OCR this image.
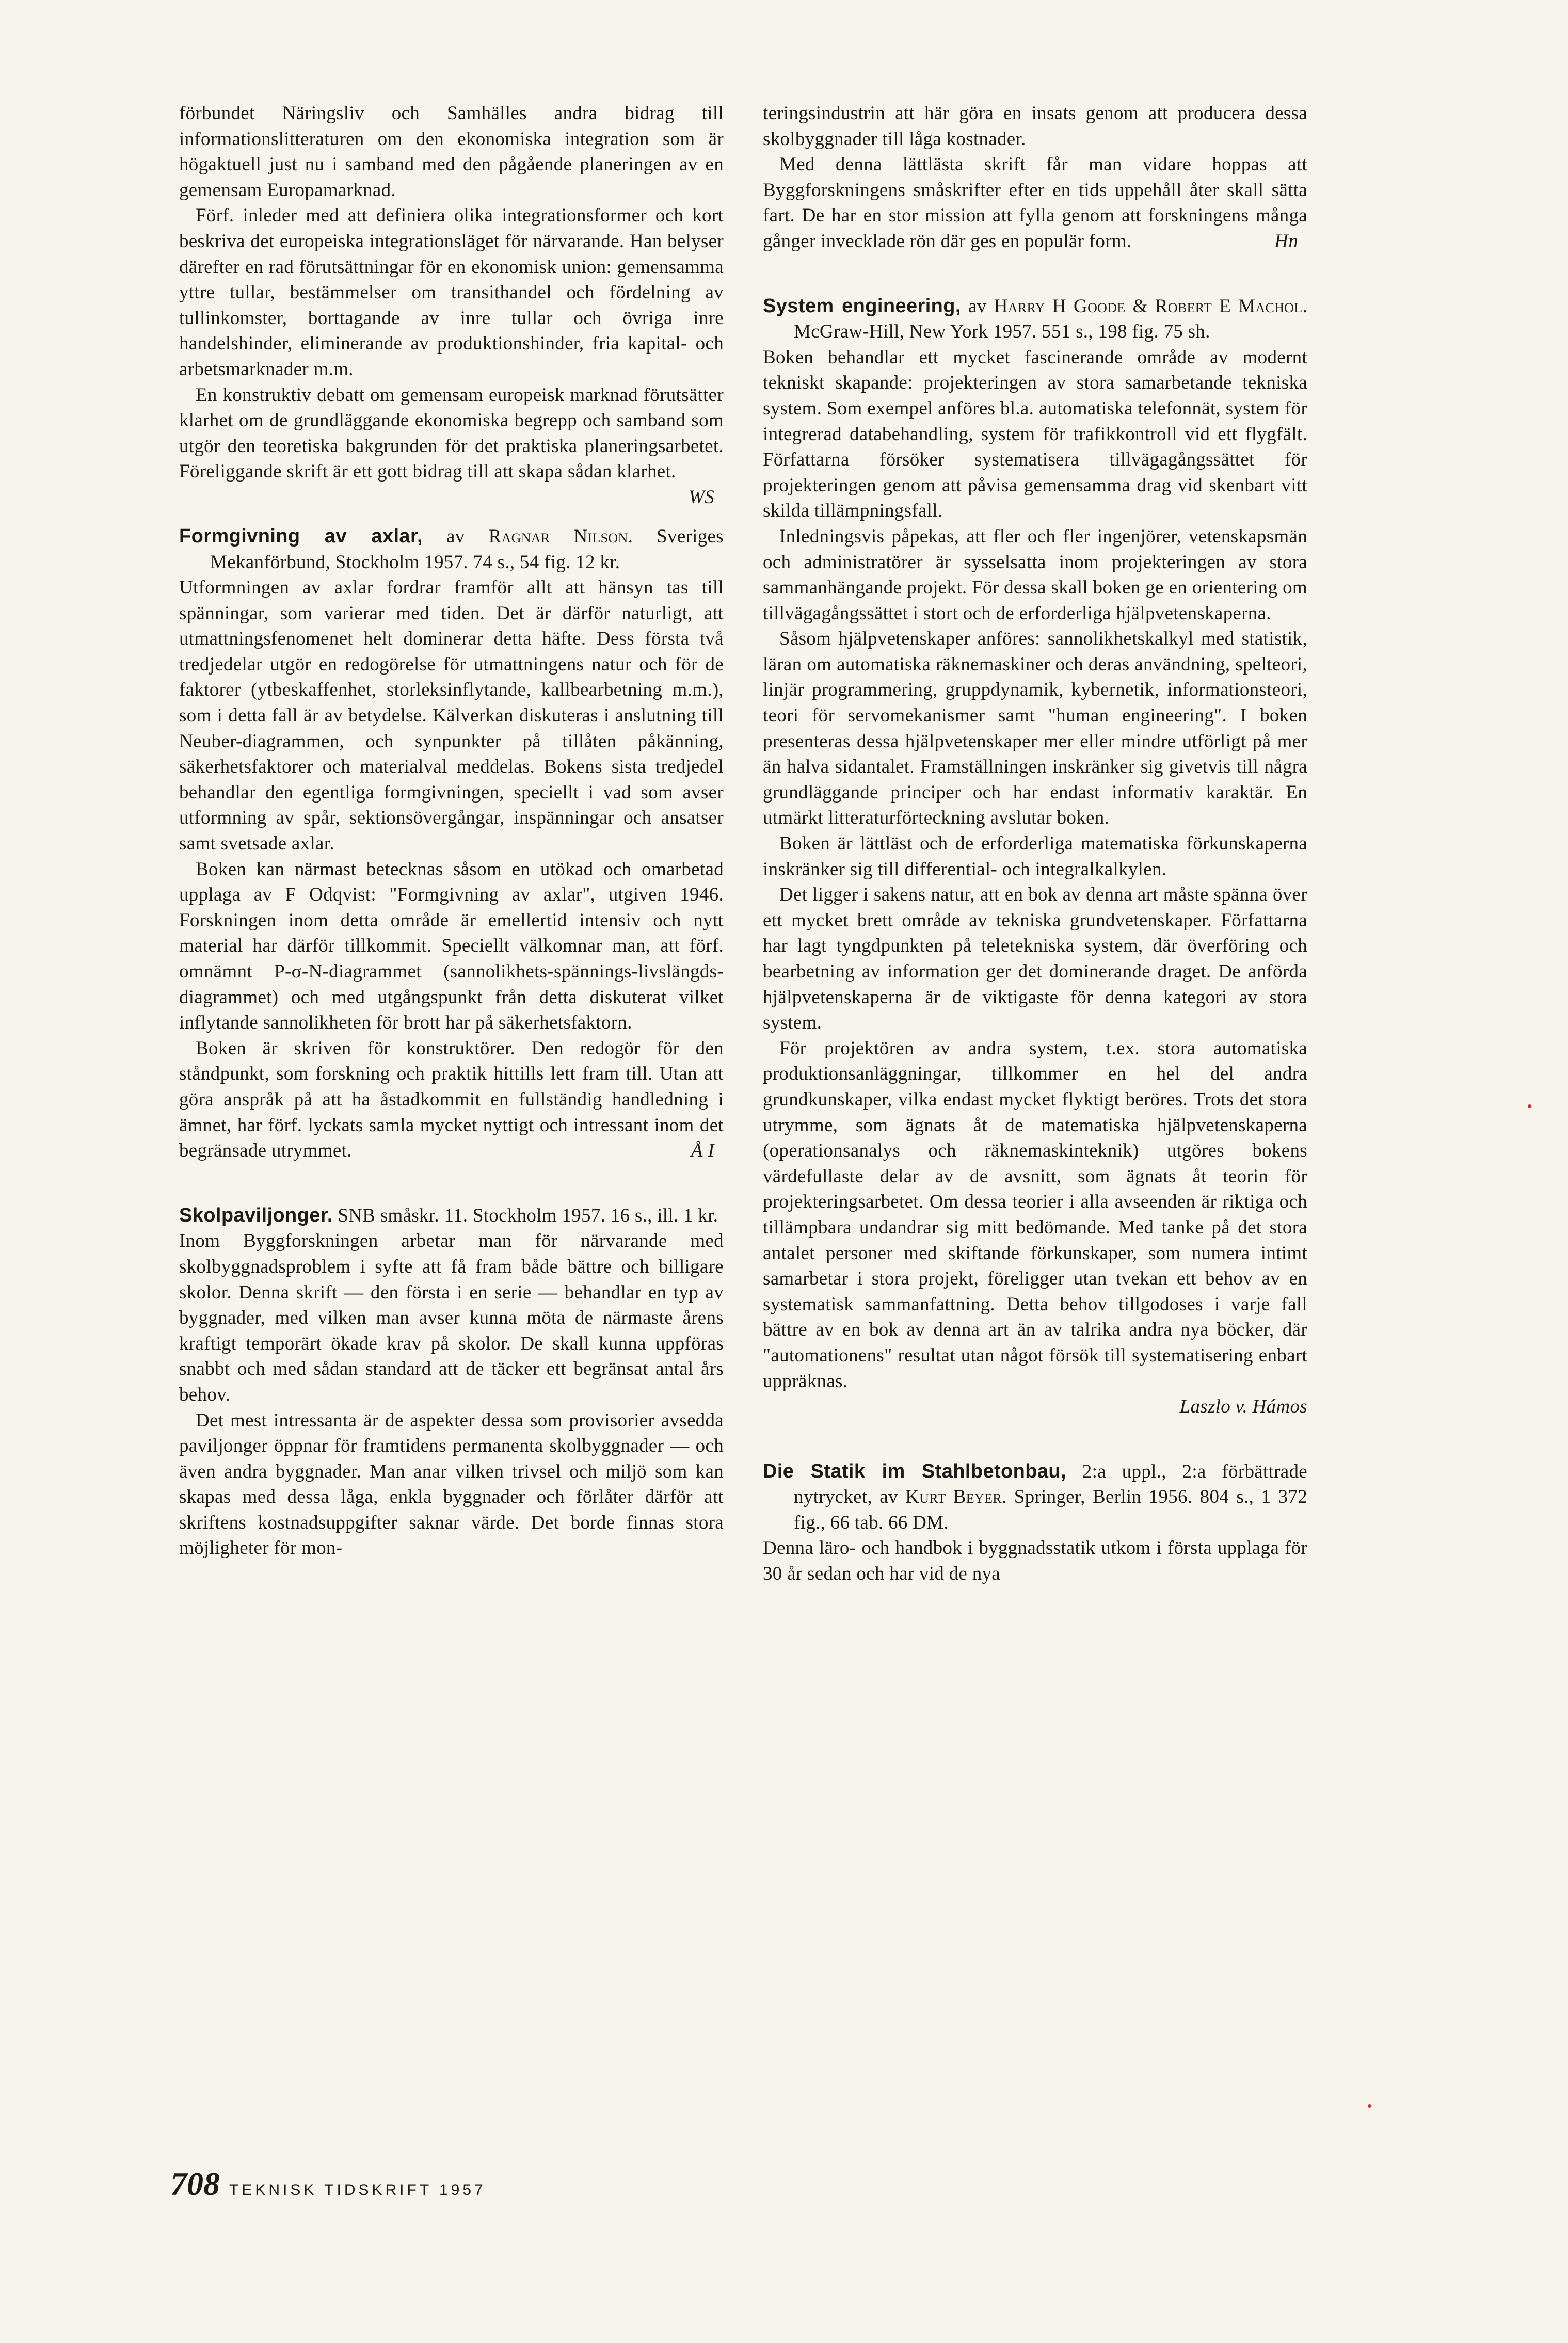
förbundet Näringsliv och Samhälles andra bidrag till informationslitteraturen om den ekonomiska integration som är högaktuell just nu i samband med den pågående planeringen av en gemensam Europamarknad.

Förf. inleder med att definiera olika integrationsformer och kort beskriva det europeiska integrationsläget för närvarande. Han belyser därefter en rad förutsättningar för en ekonomisk union: gemensamma yttre tullar, bestämmelser om transithandel och fördelning av tullinkomster, borttagande av inre tullar och övriga inre handelshinder, eliminerande av produktionshinder, fria kapital- och arbetsmarknader m.m.

En konstruktiv debatt om gemensam europeisk marknad förutsätter klarhet om de grundläggande ekonomiska begrepp och samband som utgör den teoretiska bakgrunden för det praktiska planeringsarbetet. Föreliggande skrift är ett gott bidrag till att skapa sådan klarhet.
WS

Formgivning av axlar, av Ragnar Nilson. Sveriges Mekanförbund, Stockholm 1957. 74 s., 54 fig. 12 kr.

Utformningen av axlar fordrar framför allt att hänsyn tas till spänningar, som varierar med tiden. Det är därför naturligt, att utmattningsfenomenet helt dominerar detta häfte. Dess första två tredjedelar utgör en redogörelse för utmattningens natur och för de faktorer (ytbeskaffenhet, storleksinflytande, kallbearbetning m.m.), som i detta fall är av betydelse. Kälverkan diskuteras i anslutning till Neuber-diagrammen, och synpunkter på tillåten påkänning, säkerhetsfaktorer och materialval meddelas. Bokens sista tredjedel behandlar den egentliga formgivningen, speciellt i vad som avser utformning av spår, sektionsövergångar, inspänningar och ansatser samt svetsade axlar.

Boken kan närmast betecknas såsom en utökad och omarbetad upplaga av F Odqvist: "Formgivning av axlar", utgiven 1946. Forskningen inom detta område är emellertid intensiv och nytt material har därför tillkommit. Speciellt välkomnar man, att förf. omnämnt P-σ-N-diagrammet (sannolikhets-spännings-livslängds-diagrammet) och med utgångspunkt från detta diskuterat vilket inflytande sannolikheten för brott har på säkerhetsfaktorn.

Boken är skriven för konstruktörer. Den redogör för den ståndpunkt, som forskning och praktik hittills lett fram till. Utan att göra anspråk på att ha åstadkommit en fullständig handledning i ämnet, har förf. lyckats samla mycket nyttigt och intressant inom det begränsade utrymmet.	Å I

Skolpaviljonger. SNB småskr. 11. Stockholm 1957. 16 s., ill. 1 kr.

Inom Byggforskningen arbetar man för närvarande med skolbyggnadsproblem i syfte att få fram både bättre och billigare skolor. Denna skrift — den första i en serie — behandlar en typ av byggnader, med vilken man avser kunna möta de närmaste årens kraftigt temporärt ökade krav på skolor. De skall kunna uppföras snabbt och med sådan standard att de täcker ett begränsat antal års behov.

Det mest intressanta är de aspekter dessa som provisorier avsedda paviljonger öppnar för framtidens permanenta skolbyggnader — och även andra byggnader. Man anar vilken trivsel och miljö som kan skapas med dessa låga, enkla byggnader och förlåter därför att skriftens kostnadsuppgifter saknar värde. Det borde finnas stora möjligheter för mon-

teringsindustrin att här göra en insats genom att producera dessa skolbyggnader till låga kostnader.

Med denna lättlästa skrift får man vidare hoppas att Byggforskningens småskrifter efter en tids uppehåll åter skall sätta fart. De har en stor mission att fylla genom att forskningens många gånger invecklade rön där ges en populär form.	Hn

System engineering, av Harry H Goode & Robert E Machol. McGraw-Hill, New York 1957. 551 s., 198 fig. 75 sh.

Boken behandlar ett mycket fascinerande område av modernt tekniskt skapande: projekteringen av stora samarbetande tekniska system. Som exempel anföres bl.a. automatiska telefonnät, system för integrerad databehandling, system för trafikkontroll vid ett flygfält. Författarna försöker systematisera tillvägagångssättet för projekteringen genom att påvisa gemensamma drag vid skenbart vitt skilda tillämpningsfall.

Inledningsvis påpekas, att fler och fler ingenjörer, vetenskapsmän och administratörer är sysselsatta inom projekteringen av stora sammanhängande projekt. För dessa skall boken ge en orientering om tillvägagångssättet i stort och de erforderliga hjälpvetenskaperna.

Såsom hjälpvetenskaper anföres: sannolikhetskalkyl med statistik, läran om automatiska räknemaskiner och deras användning, spelteori, linjär programmering, gruppdynamik, kybernetik, informationsteori, teori för servomekanismer samt "human engineering". I boken presenteras dessa hjälpvetenskaper mer eller mindre utförligt på mer än halva sidantalet. Framställningen inskränker sig givetvis till några grundläggande principer och har endast informativ karaktär. En utmärkt litteraturförteckning avslutar boken.

Boken är lättläst och de erforderliga matematiska förkunskaperna inskränker sig till differential- och integralkalkylen.

Det ligger i sakens natur, att en bok av denna art måste spänna över ett mycket brett område av tekniska grundvetenskaper. Författarna har lagt tyngdpunkten på teletekniska system, där överföring och bearbetning av information ger det dominerande draget. De anförda hjälpvetenskaperna är de viktigaste för denna kategori av stora system.

För projektören av andra system, t.ex. stora automatiska produktionsanläggningar, tillkommer en hel del andra grundkunskaper, vilka endast mycket flyktigt beröres. Trots det stora utrymme, som ägnats åt de matematiska hjälpvetenskaperna (operationsanalys och räknemaskinteknik) utgöres bokens värdefullaste delar av de avsnitt, som ägnats åt teorin för projekteringsarbetet. Om dessa teorier i alla avseenden är riktiga och tillämpbara undandrar sig mitt bedömande. Med tanke på det stora antalet personer med skiftande förkunskaper, som numera intimt samarbetar i stora projekt, föreligger utan tvekan ett behov av en systematisk sammanfattning. Detta behov tillgodoses i varje fall bättre av en bok av denna art än av talrika andra nya böcker, där "automationens" resultat utan något försök till systematisering enbart uppräknas.

Laszlo v. Hámos

Die Statik im Stahlbetonbau, 2:a uppl., 2:a förbättrade nytrycket, av Kurt Beyer. Springer, Berlin 1956. 804 s., 1 372 fig., 66 tab. 66 DM.

Denna läro- och handbok i byggnadsstatik utkom i första upplaga för 30 år sedan och har vid de nya

708 TEKNISK TIDSKRIFT 1957
